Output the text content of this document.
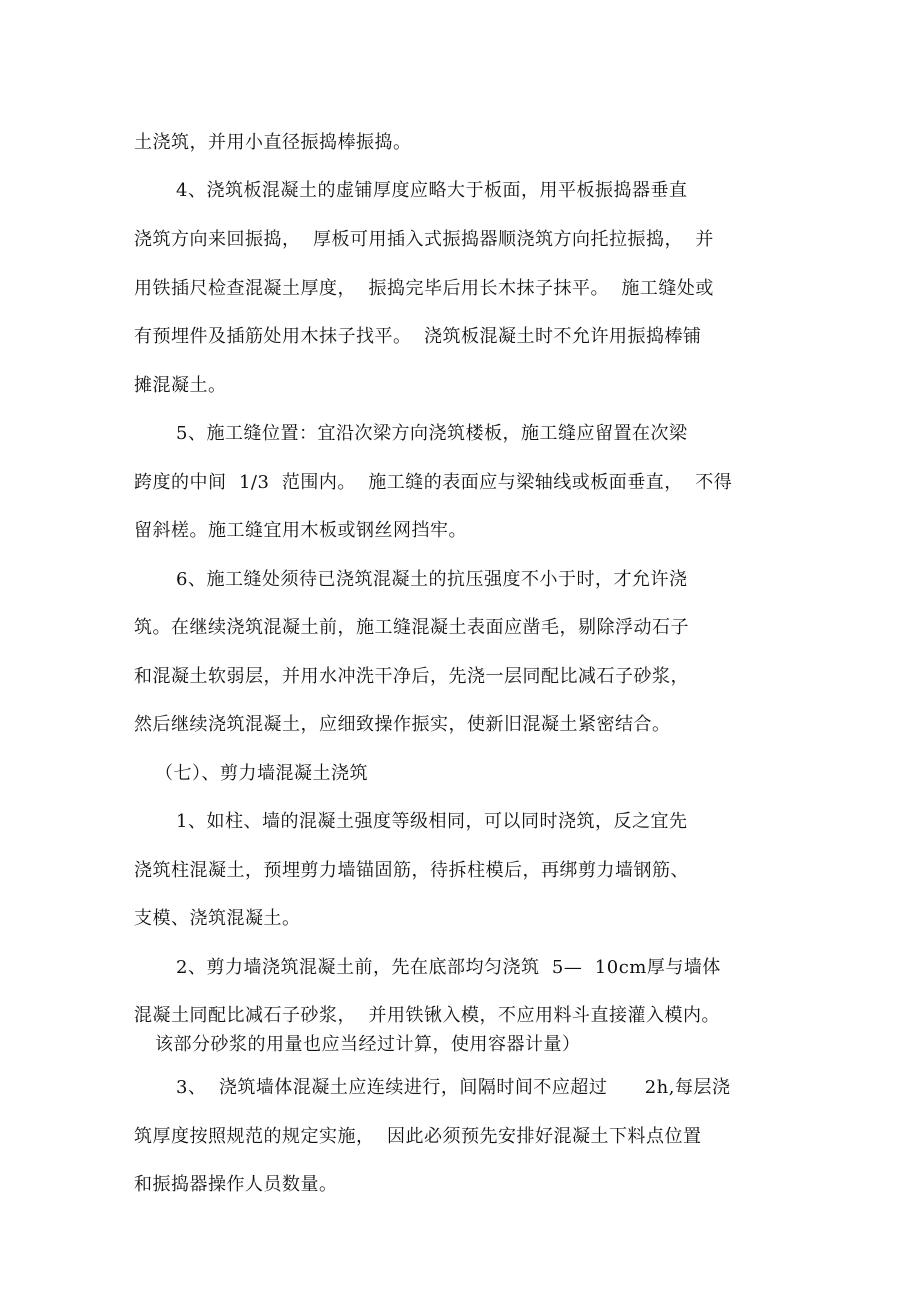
土浇筑，并用小直径振捣棒振捣。
4、浇筑板混凝土的虚铺厚度应略大于板面，用平板振捣器垂直
浇筑方向来回振捣，  厚板可用插入式振捣器顺浇筑方向托拉振捣，  并
用铁插尺检查混凝土厚度，  振捣完毕后用长木抹子抹平。  施工缝处或
有预埋件及插筋处用木抹子找平。  浇筑板混凝土时不允许用振捣棒铺
摊混凝土。
5、施工缝位置：宜沿次梁方向浇筑楼板，施工缝应留置在次梁
跨度的中间  1/3  范围内。  施工缝的表面应与梁轴线或板面垂直，  不得
留斜槎。施工缝宜用木板或钢丝网挡牢。
6、施工缝处须待已浇筑混凝土的抗压强度不小于时，才允许浇
筑。在继续浇筑混凝土前，施工缝混凝土表面应凿毛，剔除浮动石子
和混凝土软弱层，并用水冲洗干净后，先浇一层同配比减石子砂浆，
然后继续浇筑混凝土，应细致操作振实，使新旧混凝土紧密结合。
（七）、剪力墙混凝土浇筑
1、如柱、墙的混凝土强度等级相同，可以同时浇筑，反之宜先
浇筑柱混凝土，预埋剪力墙锚固筋，待拆柱模后，再绑剪力墙钢筋、
支模、浇筑混凝土。
2、剪力墙浇筑混凝土前，先在底部均匀浇筑  5—  10cm厚与墙体
混凝土同配比减石子砂浆，  并用铁锹入模，不应用料斗直接灌入模内。
该部分砂浆的用量也应当经过计算，使用容器计量）
3、  浇筑墙体混凝土应连续进行，间隔时间不应超过      2h,每层浇
筑厚度按照规范的规定实施，  因此必须预先安排好混凝土下料点位置
和振捣器操作人员数量。
